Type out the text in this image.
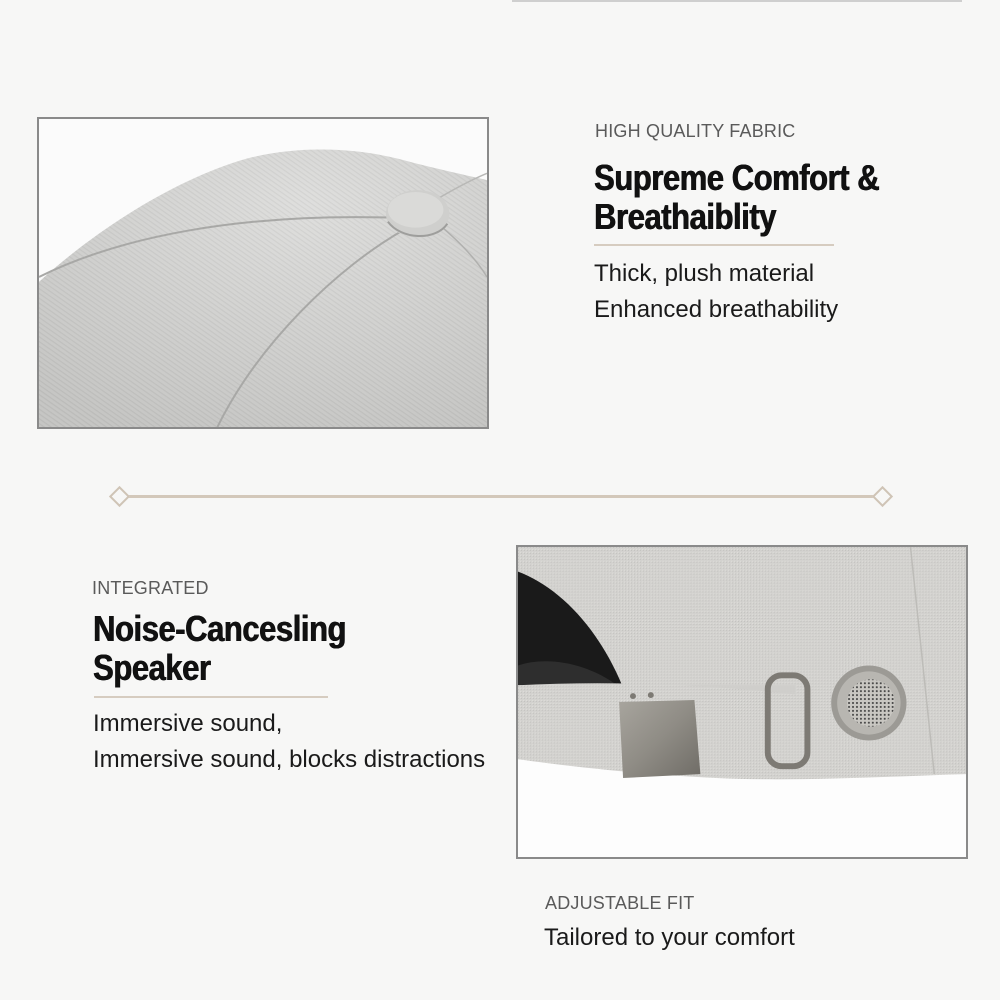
HIGH QUALITY FABRIC
Supreme Comfort &
Breathaiblity
Thick, plush material
Enhanced breathability
INTEGRATED
Noise-Cancesling
Speaker
Immersive sound,
Immersive sound, blocks distractions
ADJUSTABLE FIT
Tailored to your comfort
